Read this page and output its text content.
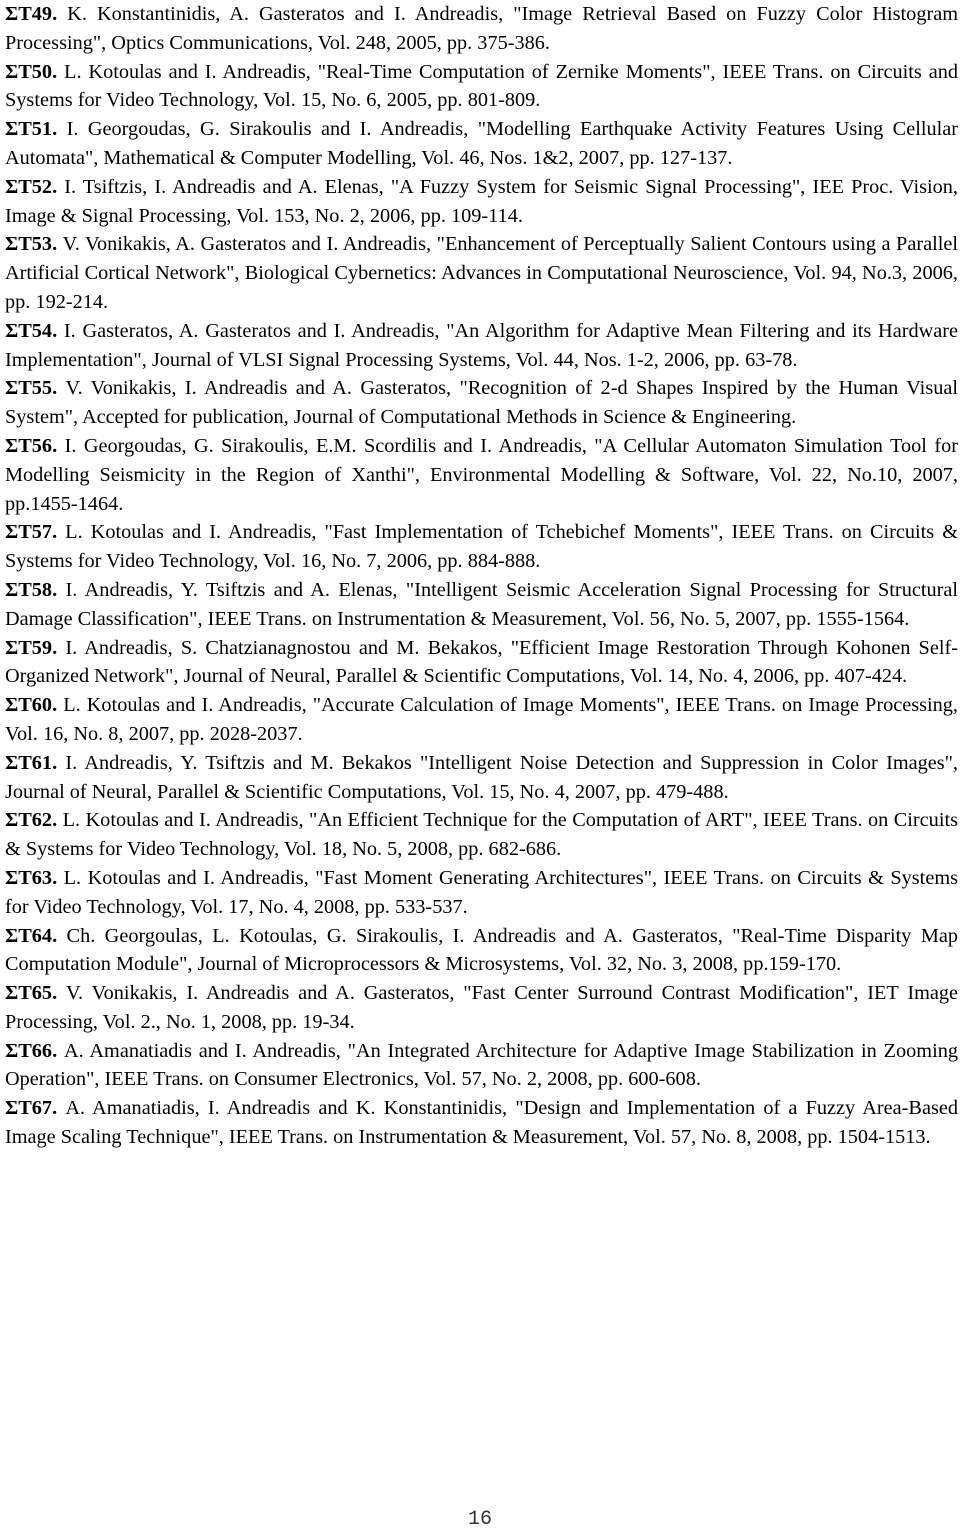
ΣΤ49. K. Konstantinidis, A. Gasteratos and I. Andreadis, "Image Retrieval Based on Fuzzy Color Histogram Processing", Optics Communications, Vol. 248, 2005, pp. 375-386.

ΣΤ50. L. Kotoulas and I. Andreadis, "Real-Time Computation of Zernike Moments", IEEE Trans. on Circuits and Systems for Video Technology, Vol. 15, No. 6, 2005, pp. 801-809.

ΣΤ51. I. Georgoudas, G. Sirakoulis and I. Andreadis, "Modelling Earthquake Activity Features Using Cellular Automata", Mathematical & Computer Modelling, Vol. 46, Nos. 1&2, 2007, pp. 127-137.

ΣΤ52. I. Tsiftzis, I. Andreadis and A. Elenas, "A Fuzzy System for Seismic Signal Processing", IEE Proc. Vision, Image & Signal Processing, Vol. 153, No. 2, 2006, pp. 109-114.

ΣΤ53. V. Vonikakis, A. Gasteratos and I. Andreadis, "Enhancement of Perceptually Salient Contours using a Parallel Artificial Cortical Network", Biological Cybernetics: Advances in Computational Neuroscience, Vol. 94, No.3, 2006, pp. 192-214.

ΣΤ54. I. Gasteratos, A. Gasteratos and I. Andreadis, "An Algorithm for Adaptive Mean Filtering and its Hardware Implementation", Journal of VLSI Signal Processing Systems, Vol. 44, Nos. 1-2, 2006, pp. 63-78.

ΣΤ55. V. Vonikakis, I. Andreadis and A. Gasteratos, "Recognition of 2-d Shapes Inspired by the Human Visual System", Accepted for publication, Journal of Computational Methods in Science & Engineering.

ΣΤ56. I. Georgoudas, G. Sirakoulis, E.M. Scordilis and I. Andreadis, "A Cellular Automaton Simulation Tool for Modelling Seismicity in the Region of Xanthi", Environmental Modelling & Software, Vol. 22, No.10, 2007, pp.1455-1464.

ΣΤ57. L. Kotoulas and I. Andreadis, "Fast Implementation of Tchebichef Moments", IEEE Trans. on Circuits & Systems for Video Technology, Vol. 16, No. 7, 2006, pp. 884-888.

ΣΤ58. I. Andreadis, Y. Tsiftzis and A. Elenas, "Intelligent Seismic Acceleration Signal Processing for Structural Damage Classification", IEEE Trans. on Instrumentation & Measurement, Vol. 56, No. 5, 2007, pp. 1555-1564.

ΣΤ59. I. Andreadis, S. Chatzianagnostou and M. Bekakos, "Efficient Image Restoration Through Kohonen Self-Organized Network", Journal of Neural, Parallel & Scientific Computations, Vol. 14, No. 4, 2006, pp. 407-424.

ΣΤ60. L. Kotoulas and I. Andreadis, "Accurate Calculation of Image Moments", IEEE Trans. on Image Processing, Vol. 16, No. 8, 2007, pp. 2028-2037.

ΣΤ61. I. Andreadis, Y. Tsiftzis and M. Bekakos "Intelligent Noise Detection and Suppression in Color Images", Journal of Neural, Parallel & Scientific Computations, Vol. 15, No. 4, 2007, pp. 479-488.

ΣΤ62. L. Kotoulas and I. Andreadis, "An Efficient Technique for the Computation of ART", IEEE Trans. on Circuits & Systems for Video Technology, Vol. 18, No. 5, 2008, pp. 682-686.

ΣΤ63. L. Kotoulas and I. Andreadis, "Fast Moment Generating Architectures", IEEE Trans. on Circuits & Systems for Video Technology, Vol. 17, No. 4, 2008, pp. 533-537.

ΣΤ64. Ch. Georgoulas, L. Kotoulas, G. Sirakoulis, I. Andreadis and A. Gasteratos, "Real-Time Disparity Map Computation Module", Journal of Microprocessors & Microsystems, Vol. 32, No. 3, 2008, pp.159-170.

ΣΤ65. V. Vonikakis, I. Andreadis and A. Gasteratos, "Fast Center Surround Contrast Modification", IET Image Processing, Vol. 2., No. 1, 2008, pp. 19-34.

ΣΤ66. A. Amanatiadis and I. Andreadis, "An Integrated Architecture for Adaptive Image Stabilization in Zooming Operation", IEEE Trans. on Consumer Electronics, Vol. 57, No. 2, 2008, pp. 600-608.

ΣΤ67. A. Amanatiadis, I. Andreadis and K. Konstantinidis, "Design and Implementation of a Fuzzy Area-Based Image Scaling Technique", IEEE Trans. on Instrumentation & Measurement, Vol. 57, No. 8, 2008, pp. 1504-1513.

16
